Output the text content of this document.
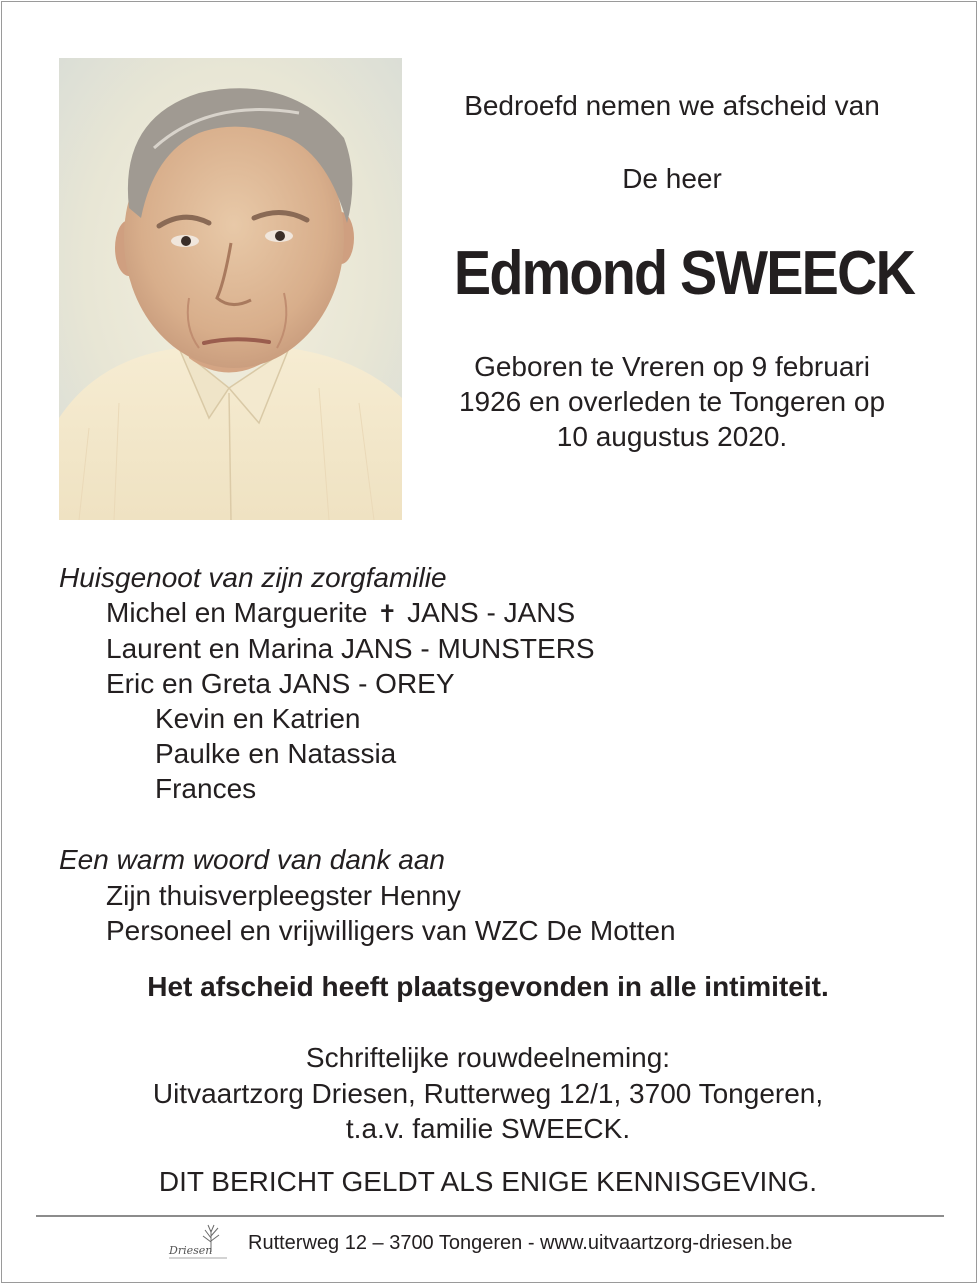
Bedroefd nemen we afscheid van
De heer
Edmond SWEECK
Geboren te Vreren op 9 februari
1926 en overleden te Tongeren op
10 augustus 2020.
Huisgenoot van zijn zorgfamilie
Michel en Marguerite ✝ JANS - JANS
Laurent en Marina JANS - MUNSTERS
Eric en Greta JANS - OREY
Kevin en Katrien
Paulke en Natassia
Frances
Een warm woord van dank aan
Zijn thuisverpleegster Henny
Personeel en vrijwilligers van WZC De Motten
Het afscheid heeft plaatsgevonden in alle intimiteit.
Schriftelijke rouwdeelneming:
Uitvaartzorg Driesen, Rutterweg 12/1, 3700 Tongeren,
t.a.v. familie SWEECK.
DIT BERICHT GELDT ALS ENIGE KENNISGEVING.
Driesen Rutterweg 12 – 3700 Tongeren - www.uitvaartzorg-driesen.be
